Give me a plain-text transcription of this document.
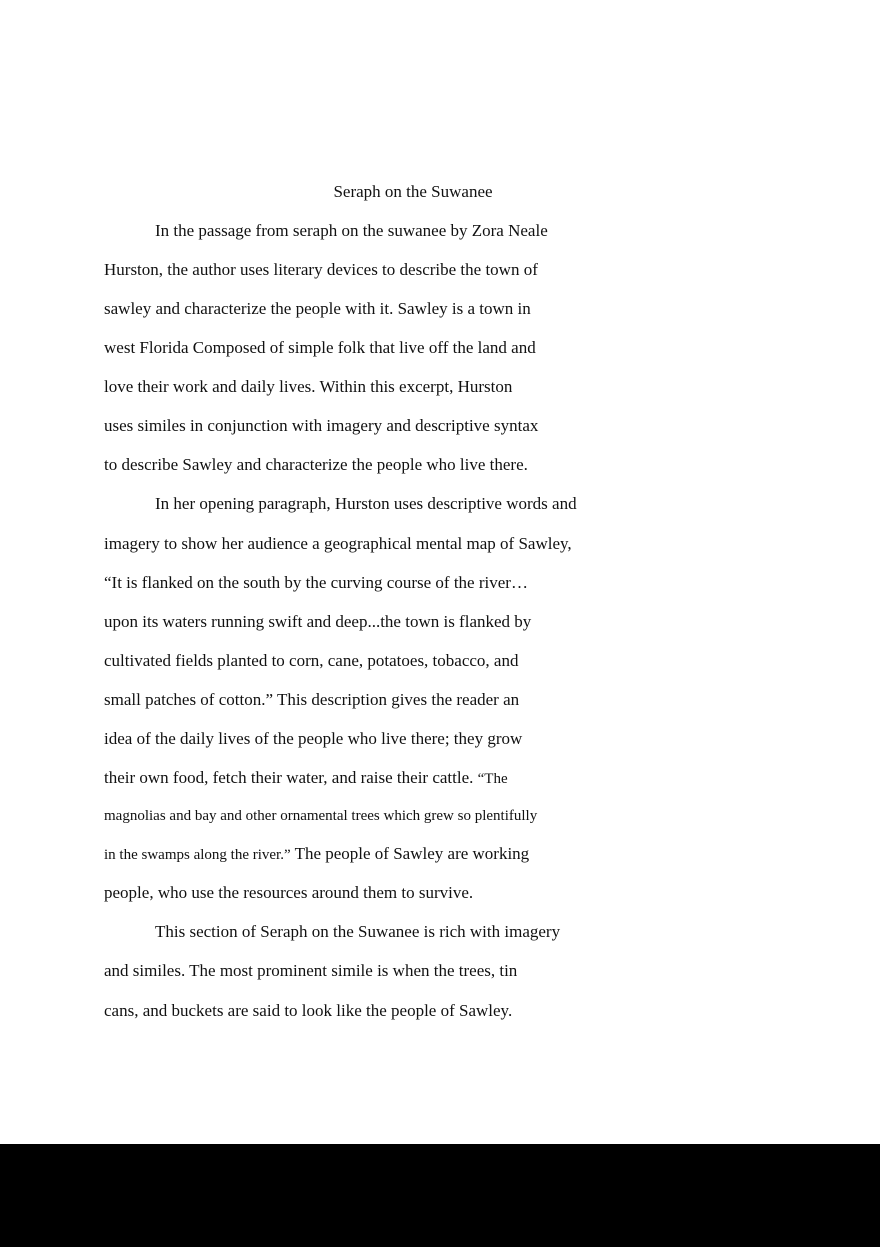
Seraph on the Suwanee
In the passage from seraph on the suwanee by Zora Neale
Hurston, the author uses literary devices to describe the town of
sawley and characterize the people with it. Sawley is a town in
west Florida Composed of simple folk that live off the land and
love their work and daily lives. Within this excerpt, Hurston
uses similes in conjunction with imagery and descriptive syntax
to describe Sawley and characterize the people who live there.
In her opening paragraph, Hurston uses descriptive words and
imagery to show her audience a geographical mental map of Sawley,
“It is flanked on the south by the curving course of the river…
upon its waters running swift and deep...the town is flanked by
cultivated fields planted to corn, cane, potatoes, tobacco, and
small patches of cotton.” This description gives the reader an
idea of the daily lives of the people who live there; they grow
their own food, fetch their water, and raise their cattle. “The
magnolias and bay and other ornamental trees which grew so plentifully
in the swamps along the river.” The people of Sawley are working
people, who use the resources around them to survive.
This section of Seraph on the Suwanee is rich with imagery
and similes. The most prominent simile is when the trees, tin
cans, and buckets are said to look like the people of Sawley.
